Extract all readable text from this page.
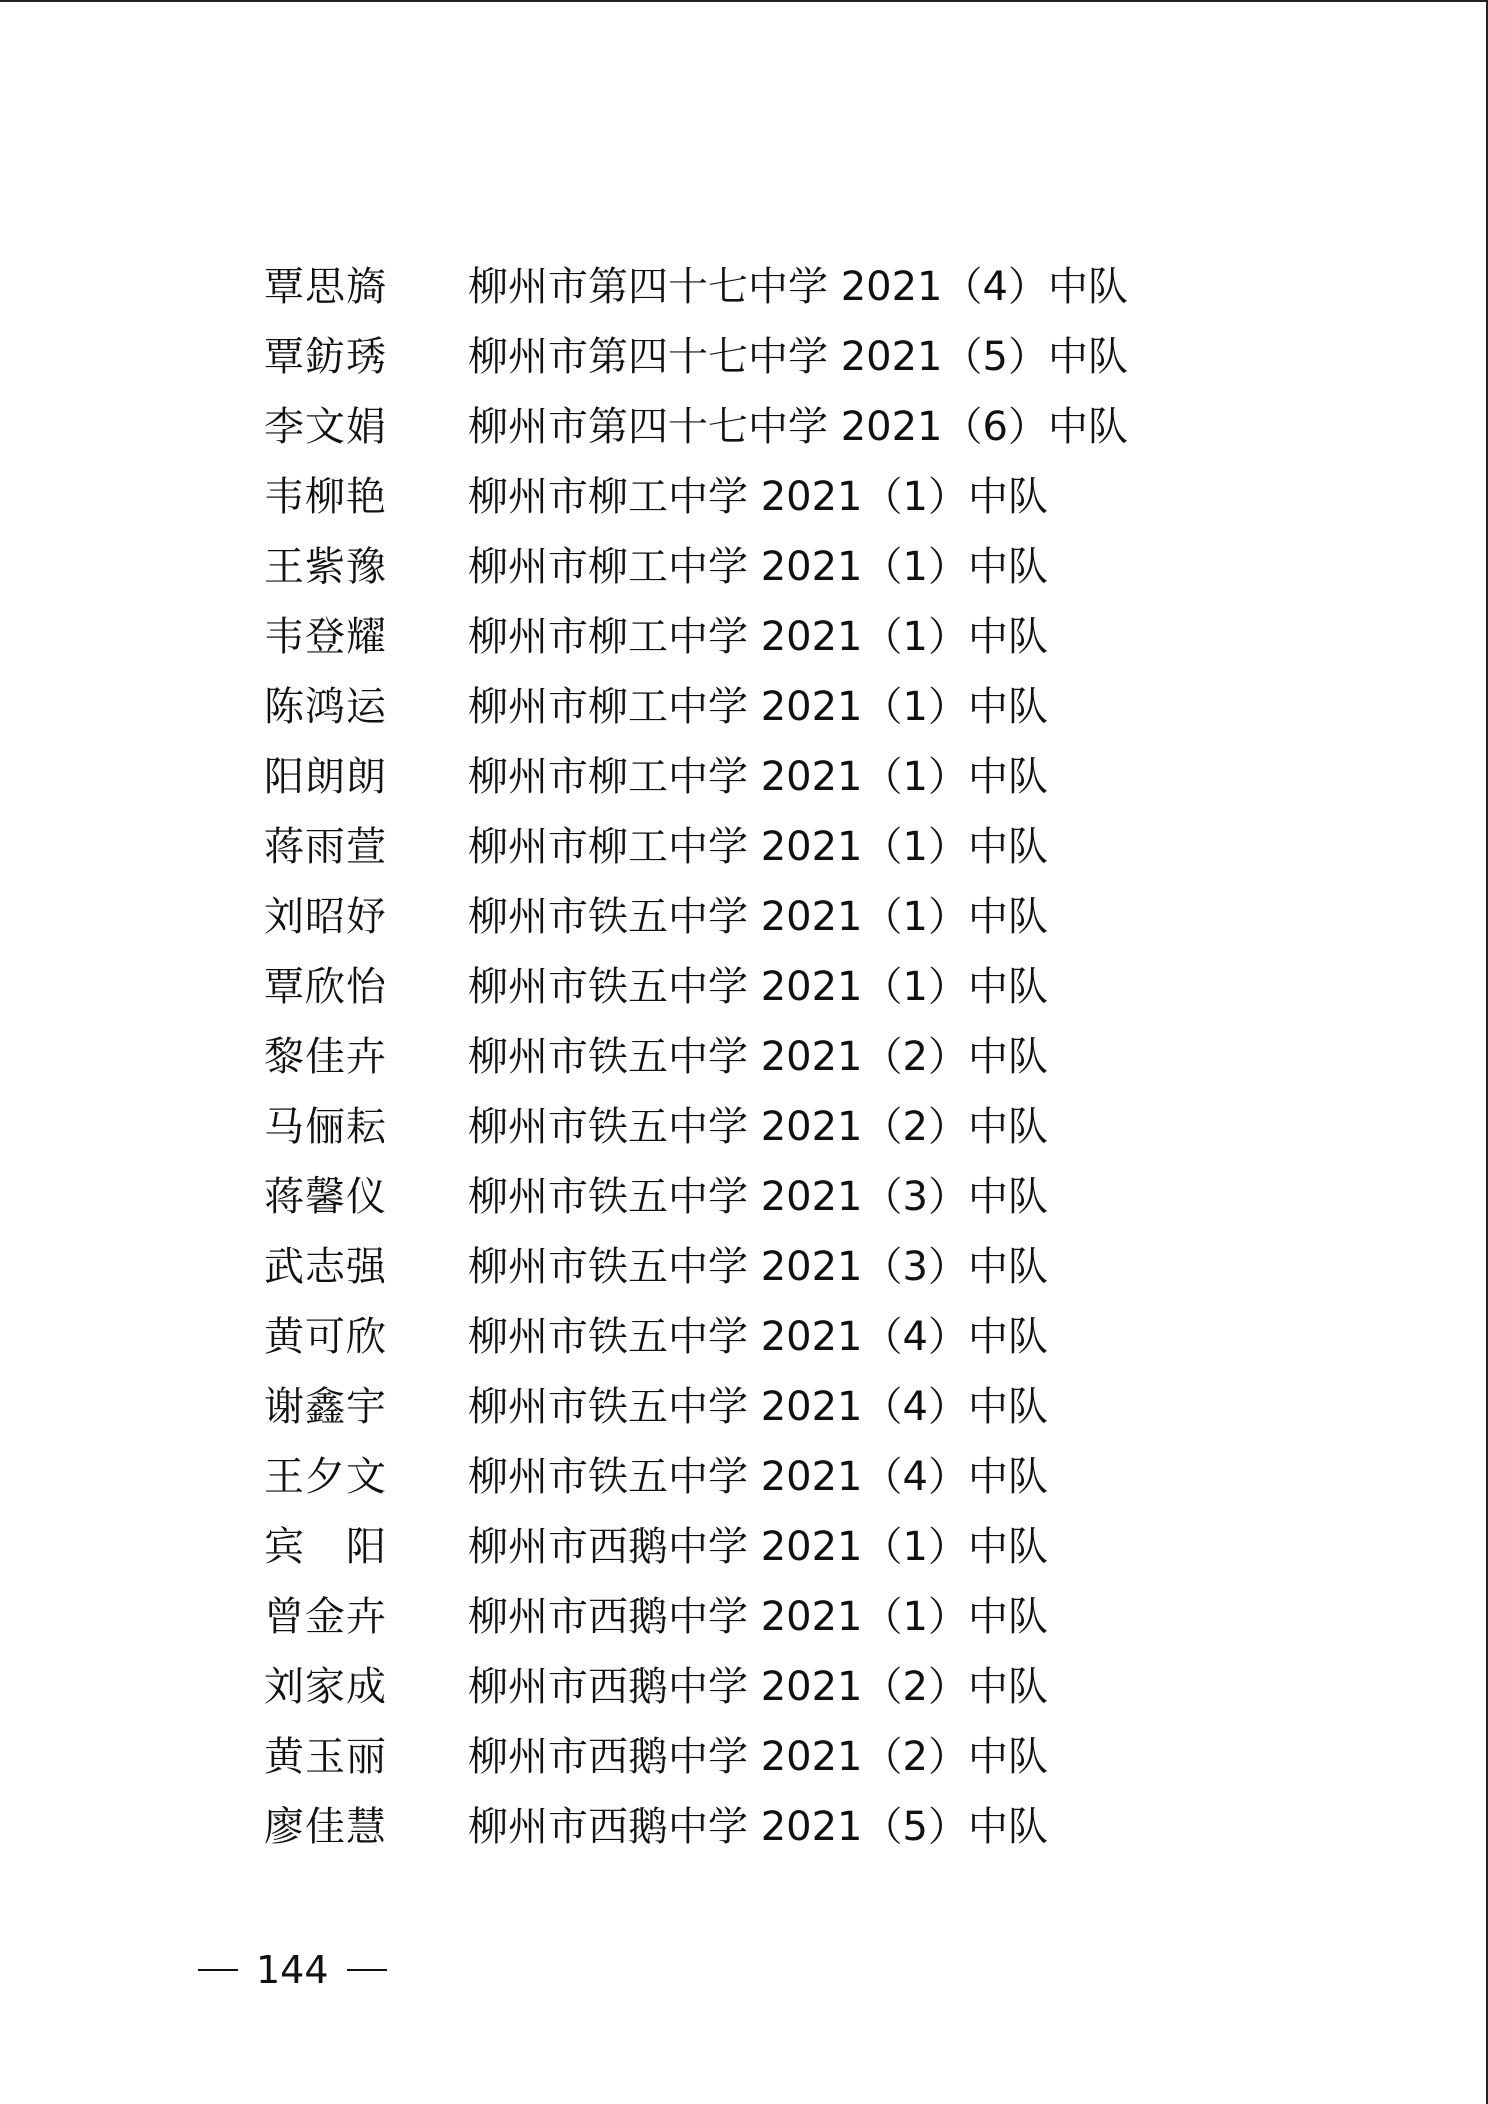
覃思旖	柳州市第四十七中学 2021（4）中队
覃鈁琇	柳州市第四十七中学 2021（5）中队
李文娟	柳州市第四十七中学 2021（6）中队
韦柳艳	柳州市柳工中学 2021（1）中队
王紫豫	柳州市柳工中学 2021（1）中队
韦登耀	柳州市柳工中学 2021（1）中队
陈鸿运	柳州市柳工中学 2021（1）中队
阳朗朗	柳州市柳工中学 2021（1）中队
蒋雨萱	柳州市柳工中学 2021（1）中队
刘昭妤	柳州市铁五中学 2021（1）中队
覃欣怡	柳州市铁五中学 2021（1）中队
黎佳卉	柳州市铁五中学 2021（2）中队
马俪耘	柳州市铁五中学 2021（2）中队
蒋馨仪	柳州市铁五中学 2021（3）中队
武志强	柳州市铁五中学 2021（3）中队
黄可欣	柳州市铁五中学 2021（4）中队
谢鑫宇	柳州市铁五中学 2021（4）中队
王夕文	柳州市铁五中学 2021（4）中队
宾　阳	柳州市西鹅中学 2021（1）中队
曾金卉	柳州市西鹅中学 2021（1）中队
刘家成	柳州市西鹅中学 2021（2）中队
黄玉丽	柳州市西鹅中学 2021（2）中队
廖佳慧	柳州市西鹅中学 2021（5）中队
144
